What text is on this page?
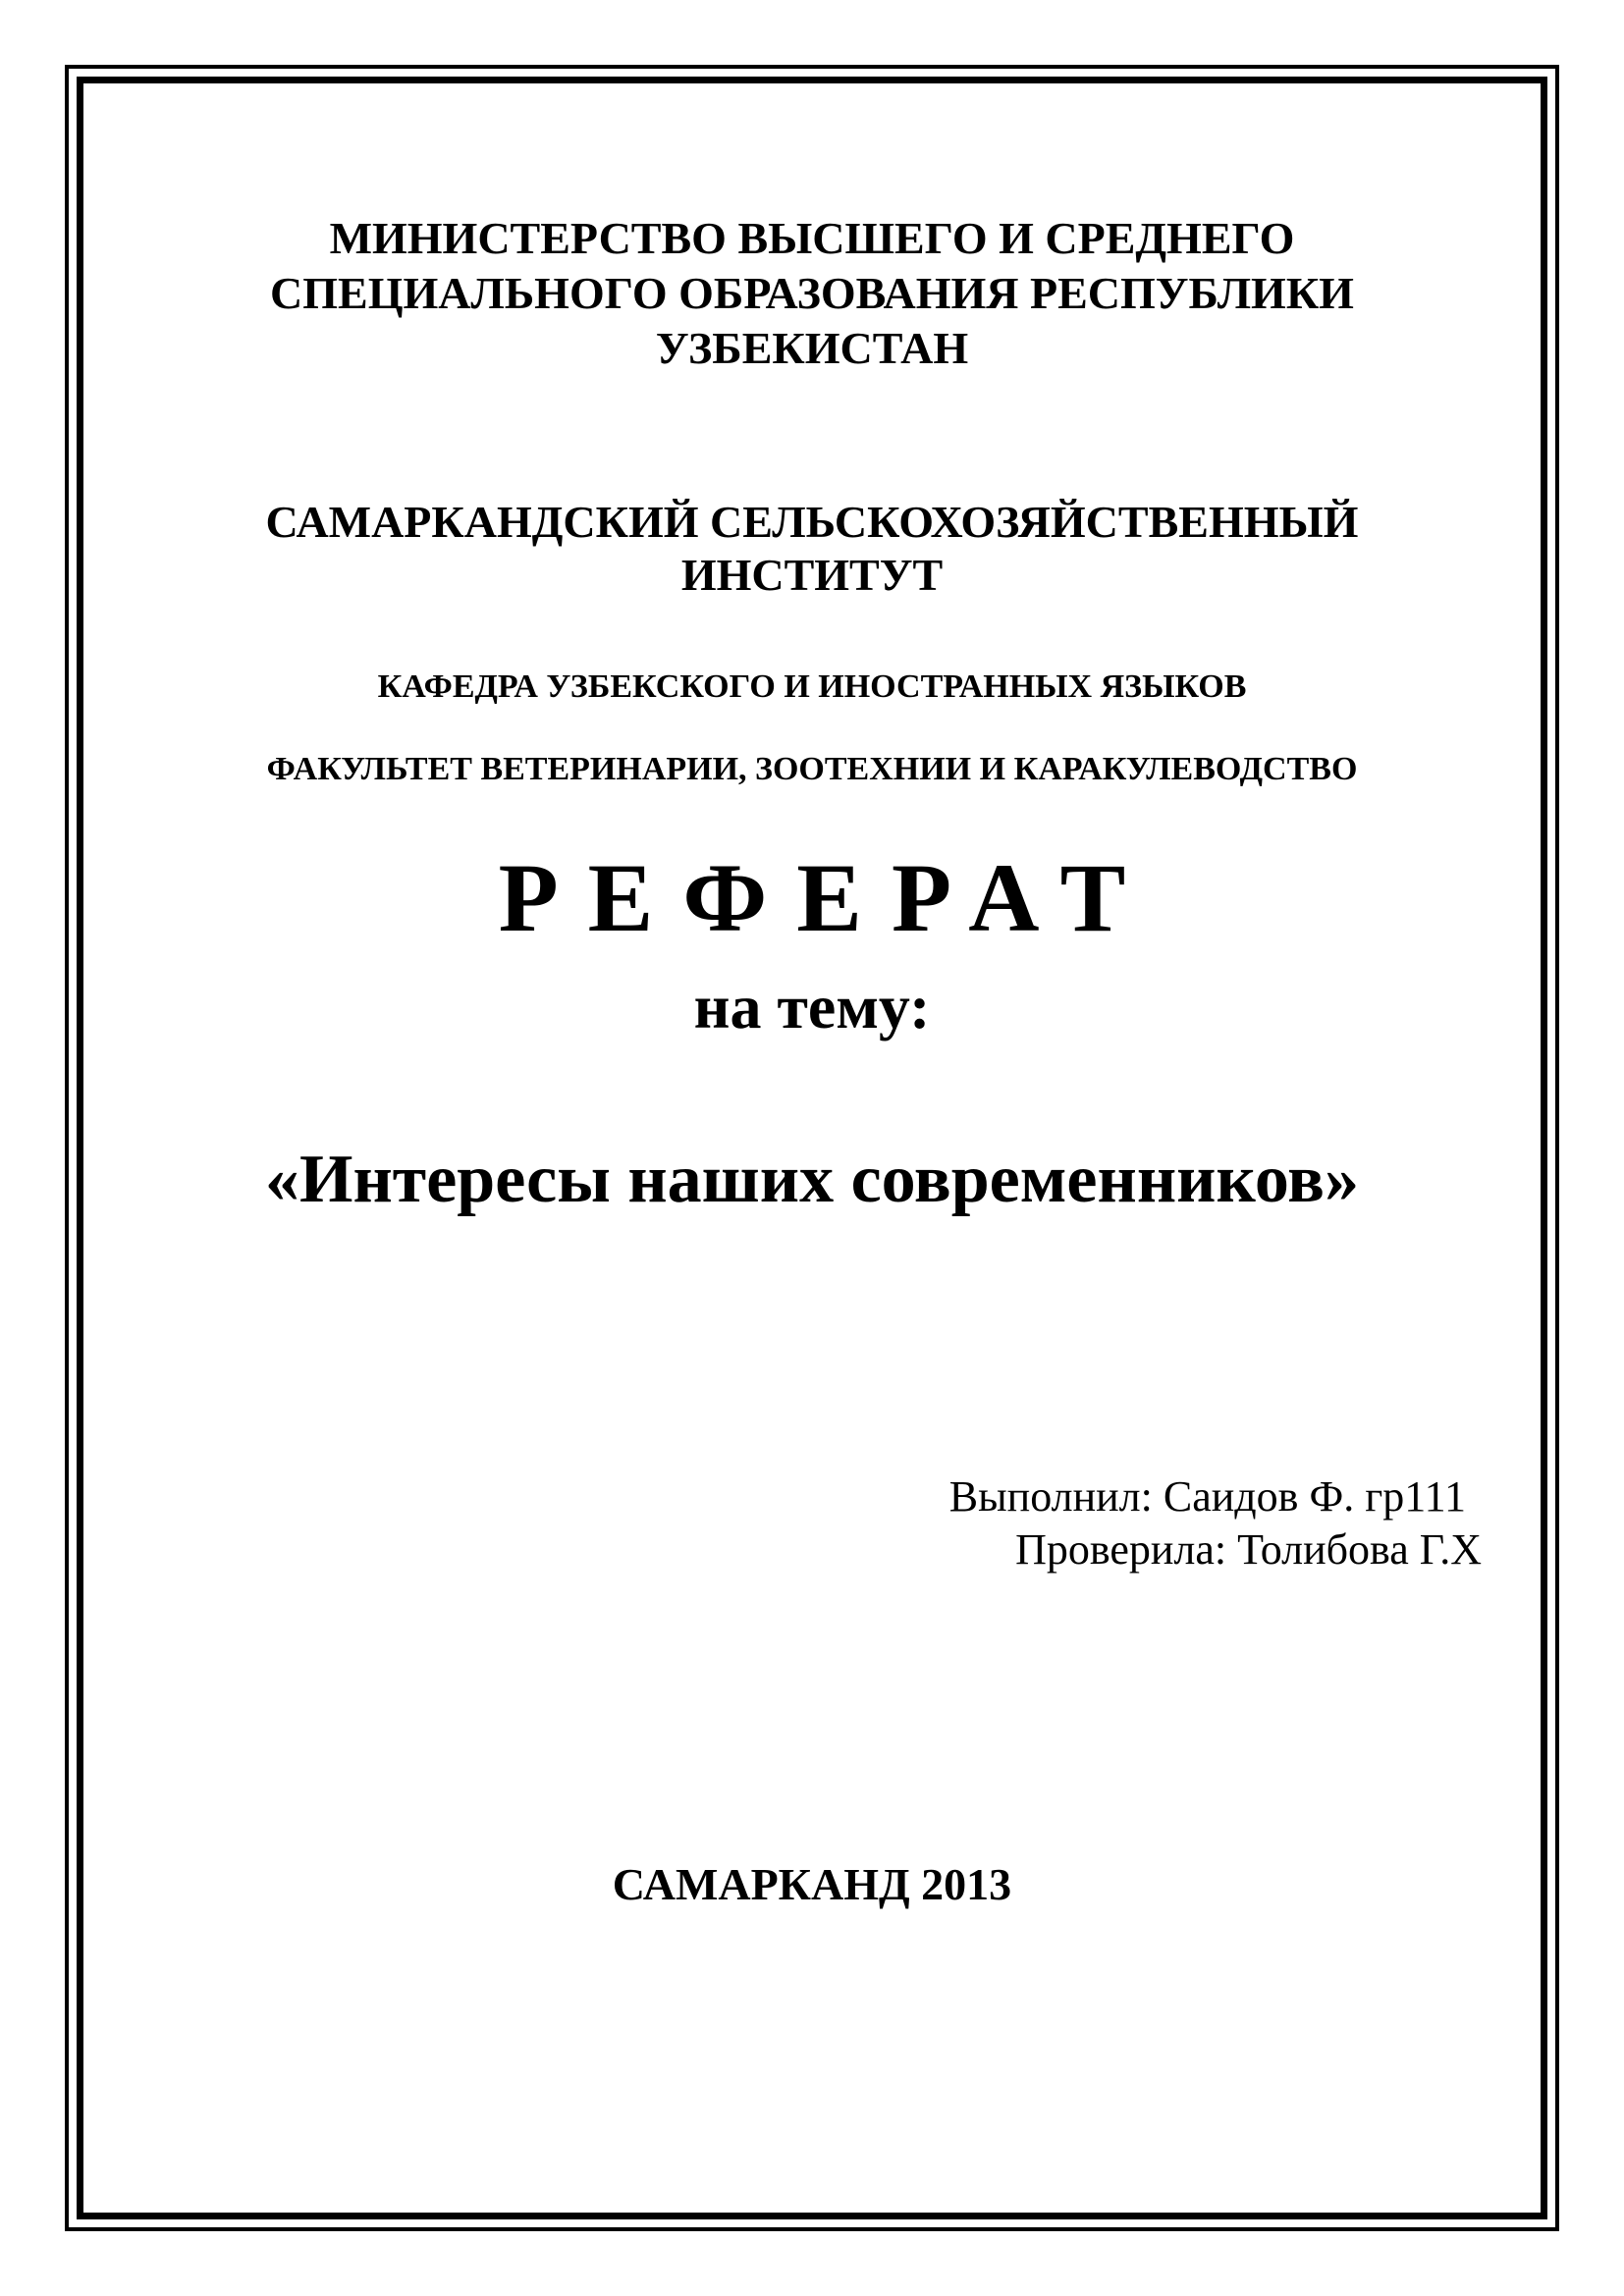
МИНИСТЕРСТВО ВЫСШЕГО И СРЕДНЕГО
СПЕЦИАЛЬНОГО ОБРАЗОВАНИЯ РЕСПУБЛИКИ
УЗБЕКИСТАН
САМАРКАНДСКИЙ СЕЛЬСКОХОЗЯЙСТВЕННЫЙ
ИНСТИТУТ
КАФЕДРА УЗБЕКСКОГО И ИНОСТРАННЫХ ЯЗЫКОВ
ФАКУЛЬТЕТ ВЕТЕРИНАРИИ, ЗООТЕХНИИ И КАРАКУЛЕВОДСТВО
РЕФЕРАТ
на тему:
«Интересы наших современников»
Выполнил: Саидов Ф. гр111
Проверила: Толибова Г.Х
САМАРКАНД 2013
